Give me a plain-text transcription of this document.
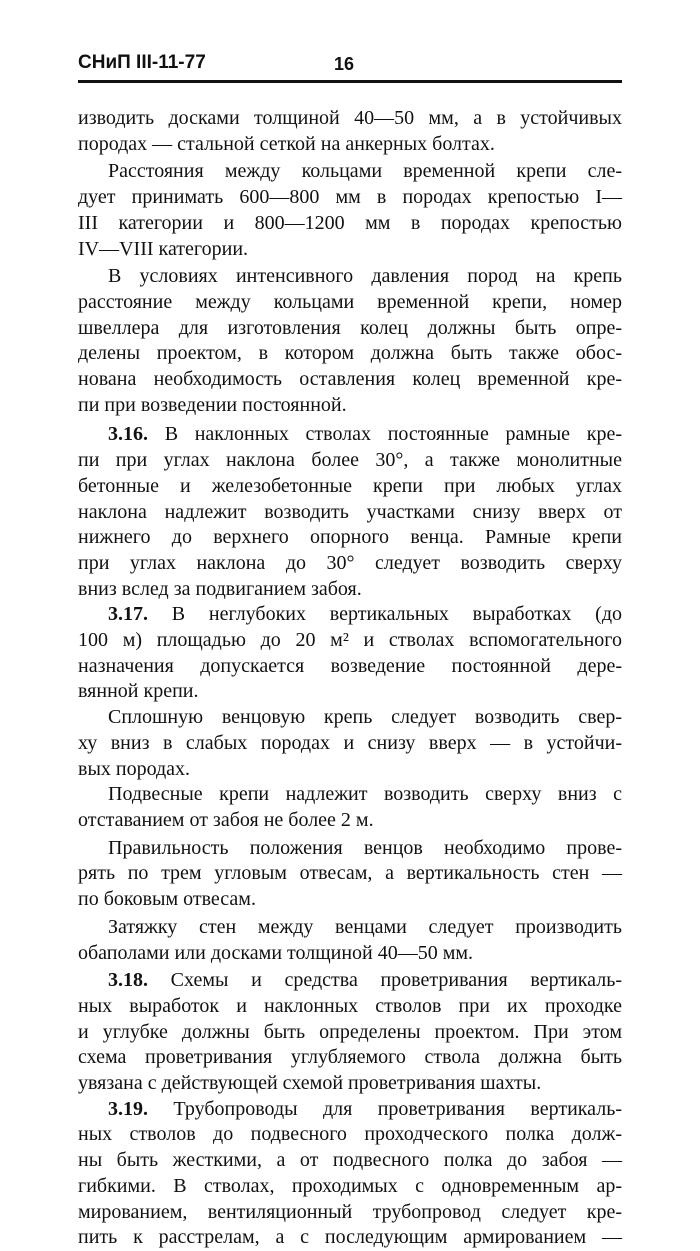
СНиП III-11-77	16

изводить досками толщиной 40—50 мм, а в устойчивых

породах — стальной сеткой на анкерных болтах.

Расстояния между кольцами временной крепи сле-

дует принимать 600—800 мм в породах крепостью I—

III категории и 800—1200 мм в породах крепостью

IV—VIII категории.

В условиях интенсивного давления пород на крепь

расстояние между кольцами временной крепи, номер

швеллера для изготовления колец должны быть опре-

делены проектом, в котором должна быть также обос-

нована необходимость оставления колец временной кре-

пи при возведении постоянной.

3.16. В наклонных стволах постоянные рамные кре-

пи при углах наклона более 30°, а также монолитные

бетонные и железобетонные крепи при любых углах

наклона надлежит возводить участками снизу вверх от

нижнего до верхнего опорного венца. Рамные крепи

при углах наклона до 30° следует возводить сверху

вниз вслед за подвиганием забоя.

3.17. В неглубоких вертикальных выработках (до

100 м) площадью до 20 м² и стволах вспомогательного

назначения допускается возведение постоянной дере-

вянной крепи.

Сплошную венцовую крепь следует возводить свер-

ху вниз в слабых породах и снизу вверх — в устойчи-

вых породах.

Подвесные крепи надлежит возводить сверху вниз с

отставанием от забоя не более 2 м.

Правильность положения венцов необходимо прове-

рять по трем угловым отвесам, а вертикальность стен —

по боковым отвесам.

Затяжку стен между венцами следует производить

обаполами или досками толщиной 40—50 мм.

3.18. Схемы и средства проветривания вертикаль-

ных выработок и наклонных стволов при их проходке

и углубке должны быть определены проектом. При этом

схема проветривания углубляемого ствола должна быть

увязана с действующей схемой проветривания шахты.

3.19. Трубопроводы для проветривания вертикаль-

ных стволов до подвесного проходческого полка долж-

ны быть жесткими, а от подвесного полка до забоя —

гибкими. В стволах, проходимых с одновременным ар-

мированием, вентиляционный трубопровод следует кре-

пить к расстрелам, а с последующим армированием —
